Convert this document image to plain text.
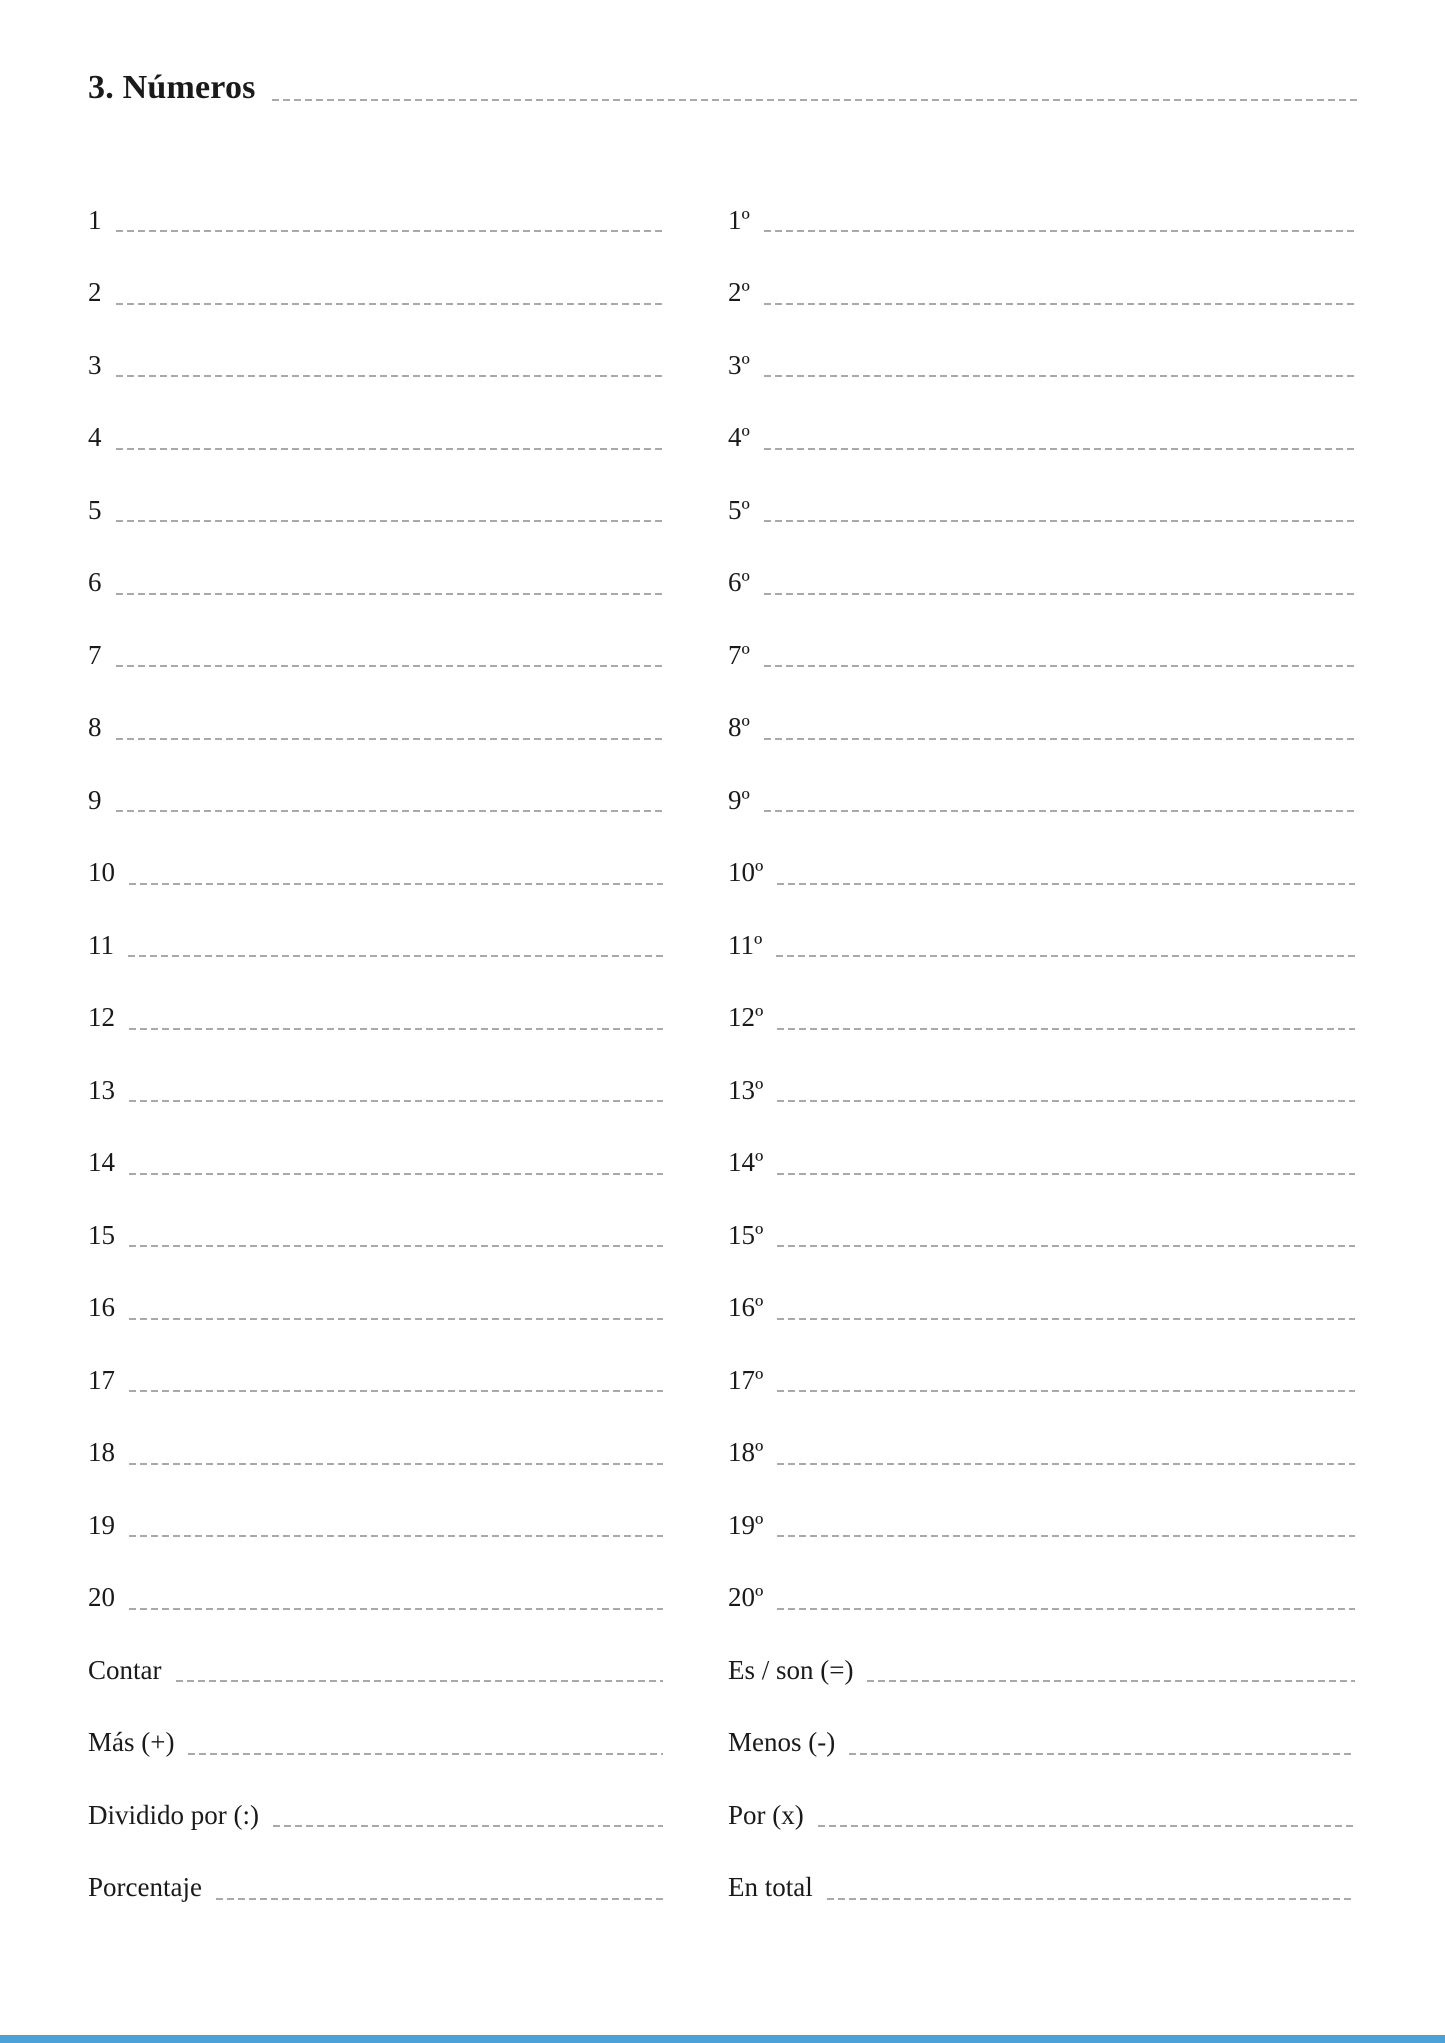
3. Números
1
2
3
4
5
6
7
8
9
10
11
12
13
14
15
16
17
18
19
20
Contar
Más (+)
Dividido por (:)
Porcentaje
1º
2º
3º
4º
5º
6º
7º
8º
9º
10º
11º
12º
13º
14º
15º
16º
17º
18º
19º
20º
Es / son (=)
Menos (-)
Por (x)
En total
